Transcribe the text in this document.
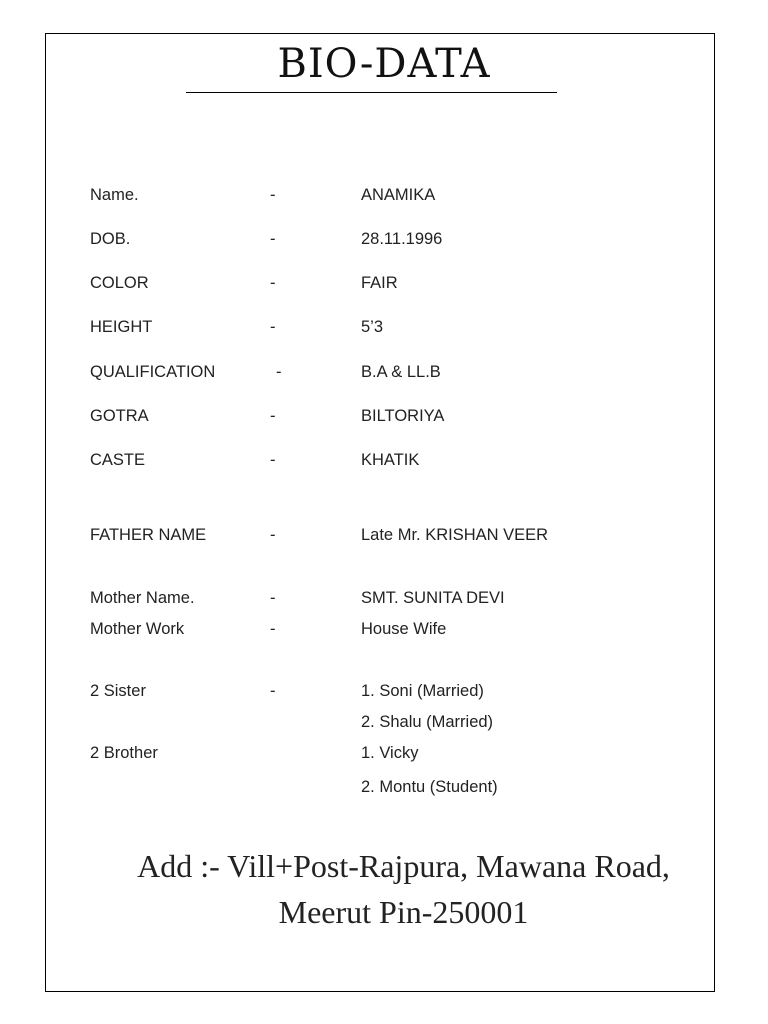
BIO-DATA
Name.	-	ANAMIKA
DOB.	-	28.11.1996
COLOR	-	FAIR
HEIGHT	-	5’3
QUALIFICATION	-	B.A & LL.B
GOTRA	-	BILTORIYA
CASTE	-	KHATIK
FATHER NAME	-	Late Mr. KRISHAN VEER
Mother Name.	-	SMT. SUNITA DEVI
Mother Work	-	House Wife
2 Sister	-	1. Soni (Married)
2. Shalu (Married)
2 Brother	1. Vicky
2. Montu (Student)
Add :- Vill+Post-Rajpura, Mawana Road,
Meerut Pin-250001
